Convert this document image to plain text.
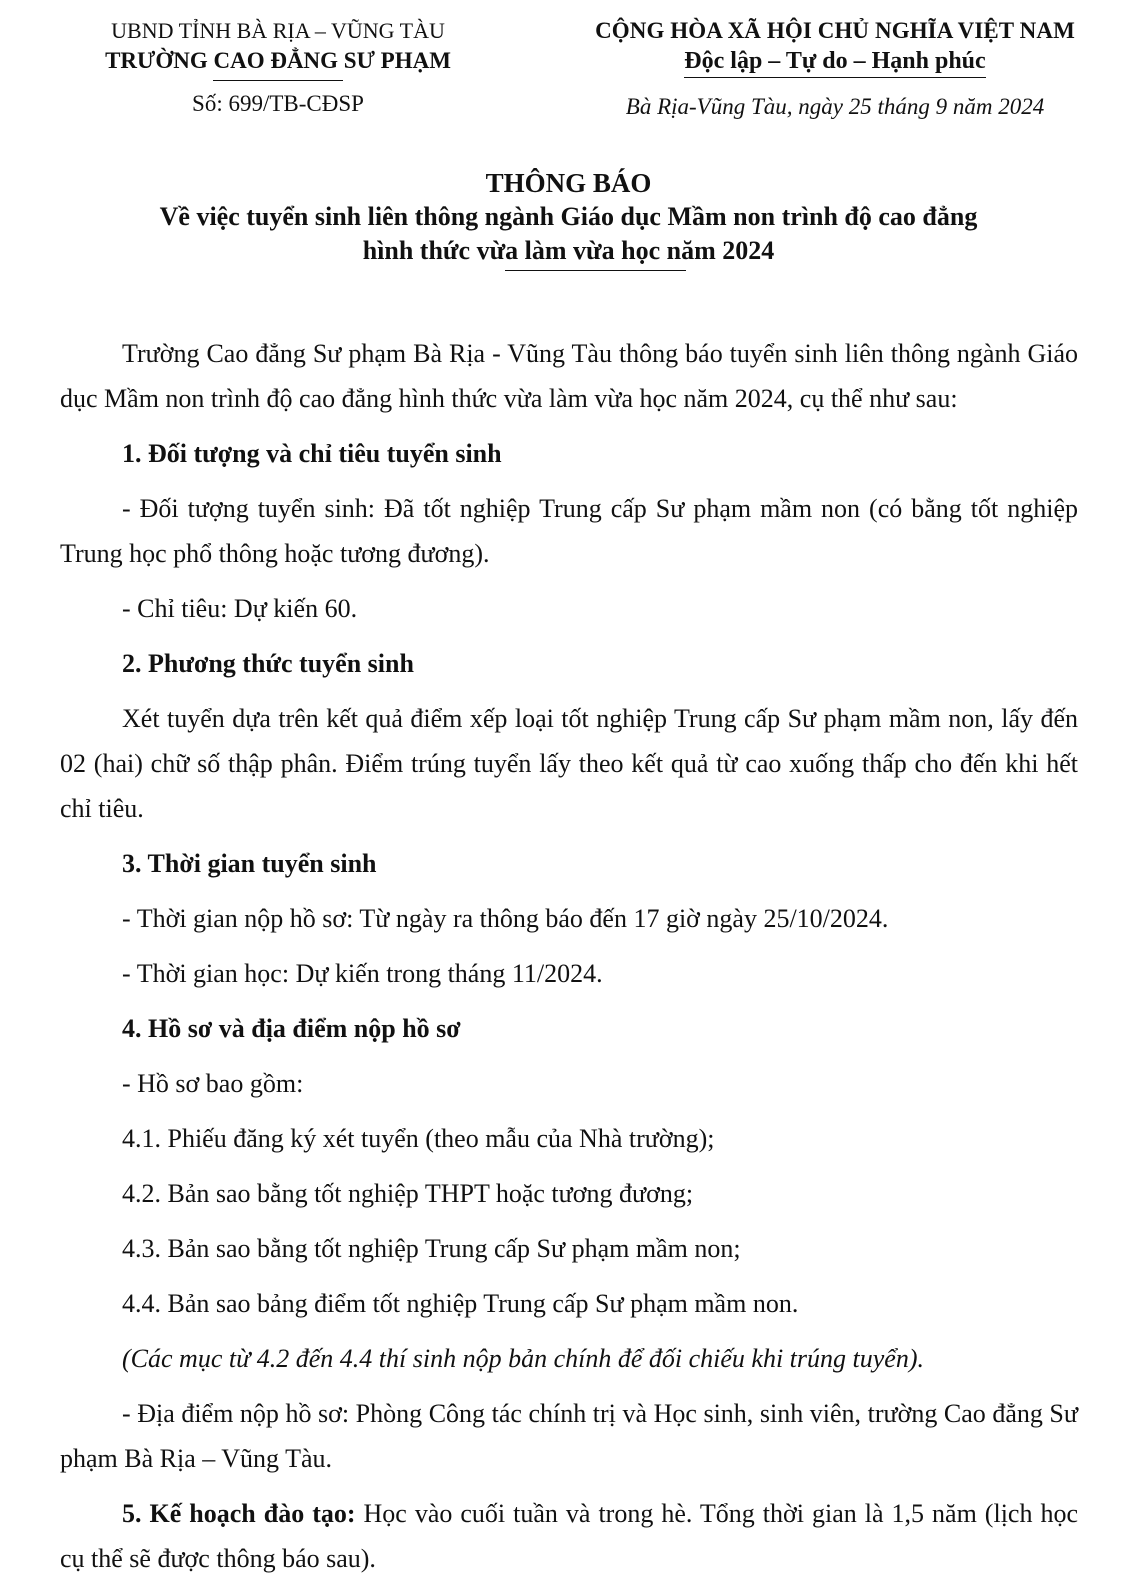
UBND TỈNH BÀ RỊA – VŨNG TÀU
TRƯỜNG CAO ĐẲNG SƯ PHẠM
Số: 699/TB-CĐSP
CỘNG HÒA XÃ HỘI CHỦ NGHĨA VIỆT NAM
Độc lập – Tự do – Hạnh phúc
Bà Rịa-Vũng Tàu, ngày 25 tháng 9 năm 2024
THÔNG BÁO
Về việc tuyển sinh liên thông ngành Giáo dục Mầm non trình độ cao đẳng
hình thức vừa làm vừa học năm 2024

Trường Cao đẳng Sư phạm Bà Rịa - Vũng Tàu thông báo tuyển sinh liên thông ngành Giáo dục Mầm non trình độ cao đẳng hình thức vừa làm vừa học năm 2024, cụ thể như sau:

1. Đối tượng và chỉ tiêu tuyển sinh

- Đối tượng tuyển sinh: Đã tốt nghiệp Trung cấp Sư phạm mầm non (có bằng tốt nghiệp Trung học phổ thông hoặc tương đương).

- Chỉ tiêu: Dự kiến 60.

2. Phương thức tuyển sinh

Xét tuyển dựa trên kết quả điểm xếp loại tốt nghiệp Trung cấp Sư phạm mầm non, lấy đến 02 (hai) chữ số thập phân. Điểm trúng tuyển lấy theo kết quả từ cao xuống thấp cho đến khi hết chỉ tiêu.

3. Thời gian tuyển sinh

- Thời gian nộp hồ sơ: Từ ngày ra thông báo đến 17 giờ ngày 25/10/2024.

- Thời gian học: Dự kiến trong tháng 11/2024.

4. Hồ sơ và địa điểm nộp hồ sơ

- Hồ sơ bao gồm:

4.1. Phiếu đăng ký xét tuyển (theo mẫu của Nhà trường);

4.2. Bản sao bằng tốt nghiệp THPT hoặc tương đương;

4.3. Bản sao bằng tốt nghiệp Trung cấp Sư phạm mầm non;

4.4. Bản sao bảng điểm tốt nghiệp Trung cấp Sư phạm mầm non.

(Các mục từ 4.2 đến 4.4 thí sinh nộp bản chính để đối chiếu khi trúng tuyển).

- Địa điểm nộp hồ sơ: Phòng Công tác chính trị và Học sinh, sinh viên, trường Cao đẳng Sư phạm Bà Rịa – Vũng Tàu.

5. Kế hoạch đào tạo: Học vào cuối tuần và trong hè. Tổng thời gian là 1,5 năm (lịch học cụ thể sẽ được thông báo sau).
